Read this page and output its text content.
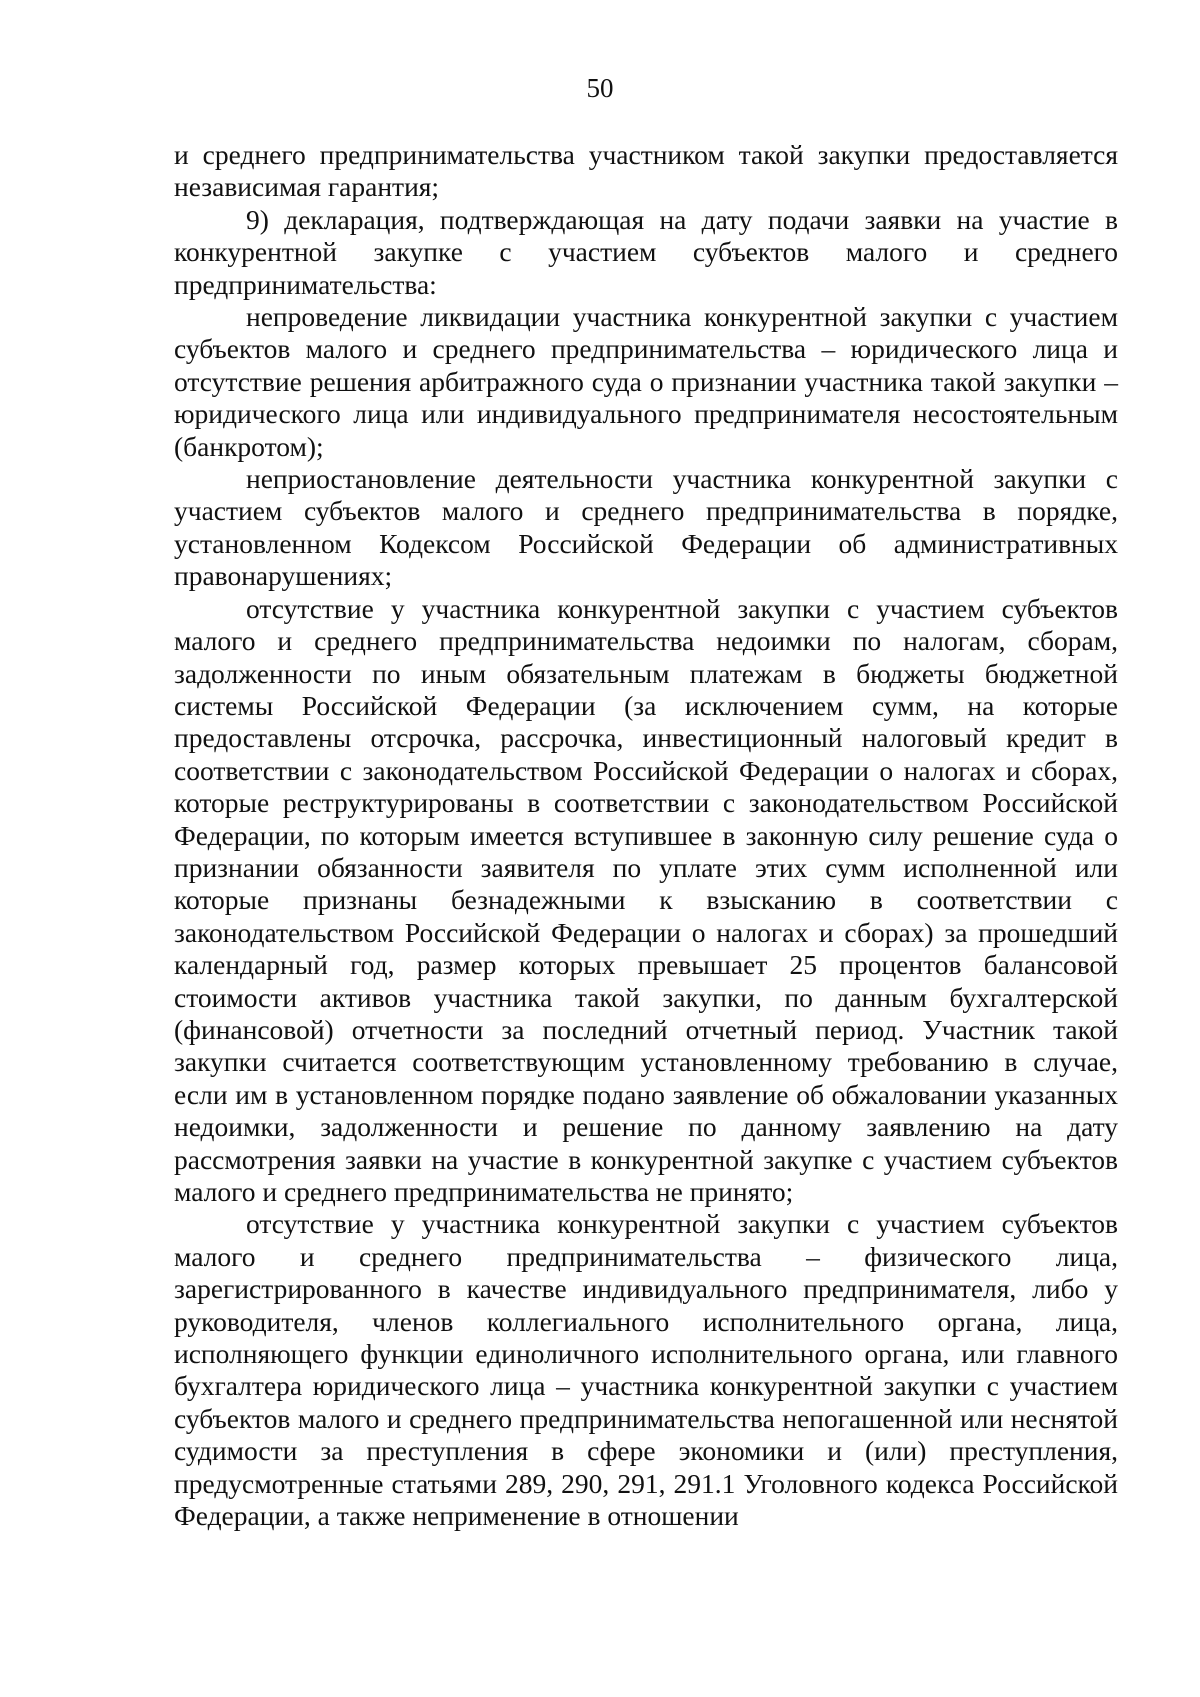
50

и среднего предпринимательства участником такой закупки предоставляется независимая гарантия;

9) декларация, подтверждающая на дату подачи заявки на участие в конкурентной закупке с участием субъектов малого и среднего предпринимательства:

непроведение ликвидации участника конкурентной закупки с участием субъектов малого и среднего предпринимательства – юридического лица и отсутствие решения арбитражного суда о признании участника такой закупки – юридического лица или индивидуального предпринимателя несостоятельным (банкротом);

неприостановление деятельности участника конкурентной закупки с участием субъектов малого и среднего предпринимательства в порядке, установленном Кодексом Российской Федерации об административных правонарушениях;

отсутствие у участника конкурентной закупки с участием субъектов малого и среднего предпринимательства недоимки по налогам, сборам, задолженности по иным обязательным платежам в бюджеты бюджетной системы Российской Федерации (за исключением сумм, на которые предоставлены отсрочка, рассрочка, инвестиционный налоговый кредит в соответствии с законодательством Российской Федерации о налогах и сборах, которые реструктурированы в соответствии с законодательством Российской Федерации, по которым имеется вступившее в законную силу решение суда о признании обязанности заявителя по уплате этих сумм исполненной или которые признаны безнадежными к взысканию в соответствии с законодательством Российской Федерации о налогах и сборах) за прошедший календарный год, размер которых превышает 25 процентов балансовой стоимости активов участника такой закупки, по данным бухгалтерской (финансовой) отчетности за последний отчетный период. Участник такой закупки считается соответствующим установленному требованию в случае, если им в установленном порядке подано заявление об обжаловании указанных недоимки, задолженности и решение по данному заявлению на дату рассмотрения заявки на участие в конкурентной закупке с участием субъектов малого и среднего предпринимательства не принято;

отсутствие у участника конкурентной закупки с участием субъектов малого и среднего предпринимательства – физического лица, зарегистрированного в качестве индивидуального предпринимателя, либо у руководителя, членов коллегиального исполнительного органа, лица, исполняющего функции единоличного исполнительного органа, или главного бухгалтера юридического лица – участника конкурентной закупки с участием субъектов малого и среднего предпринимательства непогашенной или неснятой судимости за преступления в сфере экономики и (или) преступления, предусмотренные статьями 289, 290, 291, 291.1 Уголовного кодекса Российской Федерации, а также неприменение в отношении
